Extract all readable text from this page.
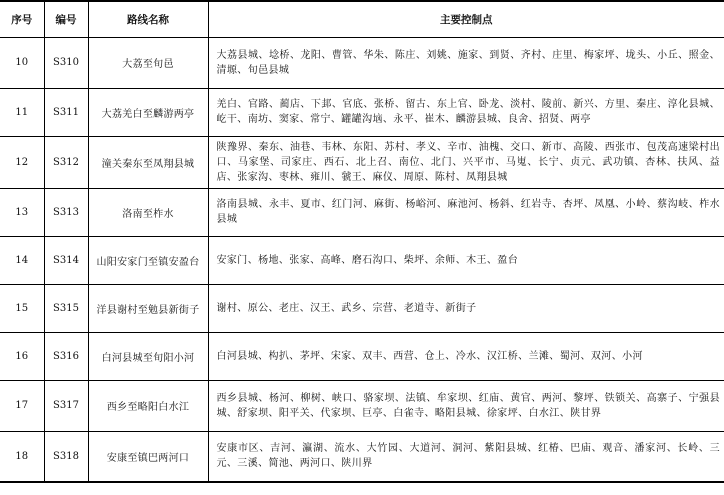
序号	编号	路线名称	主要控制点
10	S310	大荔至旬邑	大荔县城、埝桥、龙阳、曹管、华朱、陈庄、刘姚、施家、到贤、齐村、庄里、梅家坪、垅头、小丘、照金、清塬、旬邑县城
11	S311	大荔羌白至麟游两亭	羌白、官路、蔺店、下邽、官底、张桥、留古、东上官、卧龙、淡村、陵前、新兴、方里、秦庄、淳化县城、屹干、南坊、窦家、常宁、罐罐沟垴、永平、崔木、麟游县城、良舍、招贤、两亭
12	S312	潼关秦东至凤翔县城	陕豫界、秦东、油巷、韦林、东阳、苏村、孝义、辛市、油槐、交口、新市、高陵、西张市、包茂高速梁村出口、马家堡、司家庄、西石、北上召、南位、北门、兴平市、马嵬、长宁、贞元、武功镇、杏林、扶风、益店、张家沟、枣林、雍川、虢王、麻仪、周原、陈村、凤翔县城
13	S313	洛南至柞水	洛南县城、永丰、夏市、红门河、麻街、杨峪河、麻池河、杨斜、红岩寺、杏坪、凤凰、小岭、蔡沟岐、柞水县城
14	S314	山阳安家门至镇安盈台	安家门、杨地、张家、高峰、磨石沟口、柴坪、余师、木王、盈台
15	S315	洋县谢村至勉县新街子	谢村、原公、老庄、汉王、武乡、宗营、老道寺、新街子
16	S316	白河县城至旬阳小河	白河县城、构扒、茅坪、宋家、双丰、西营、仓上、冷水、汉江桥、兰滩、蜀河、双河、小河
17	S317	西乡至略阳白水江	西乡县城、杨河、柳树、峡口、骆家坝、法镇、牟家坝、红庙、黄官、两河、黎坪、铁锁关、高寨子、宁强县城、舒家坝、阳平关、代家坝、巨亭、白雀寺、略阳县城、徐家坪、白水江、陕甘界
18	S318	安康至镇巴两河口	安康市区、吉河、瀛湖、流水、大竹园、大道河、洞河、紫阳县城、红椿、巴庙、观音、潘家河、长岭、三元、三溪、简池、两河口、陕川界
